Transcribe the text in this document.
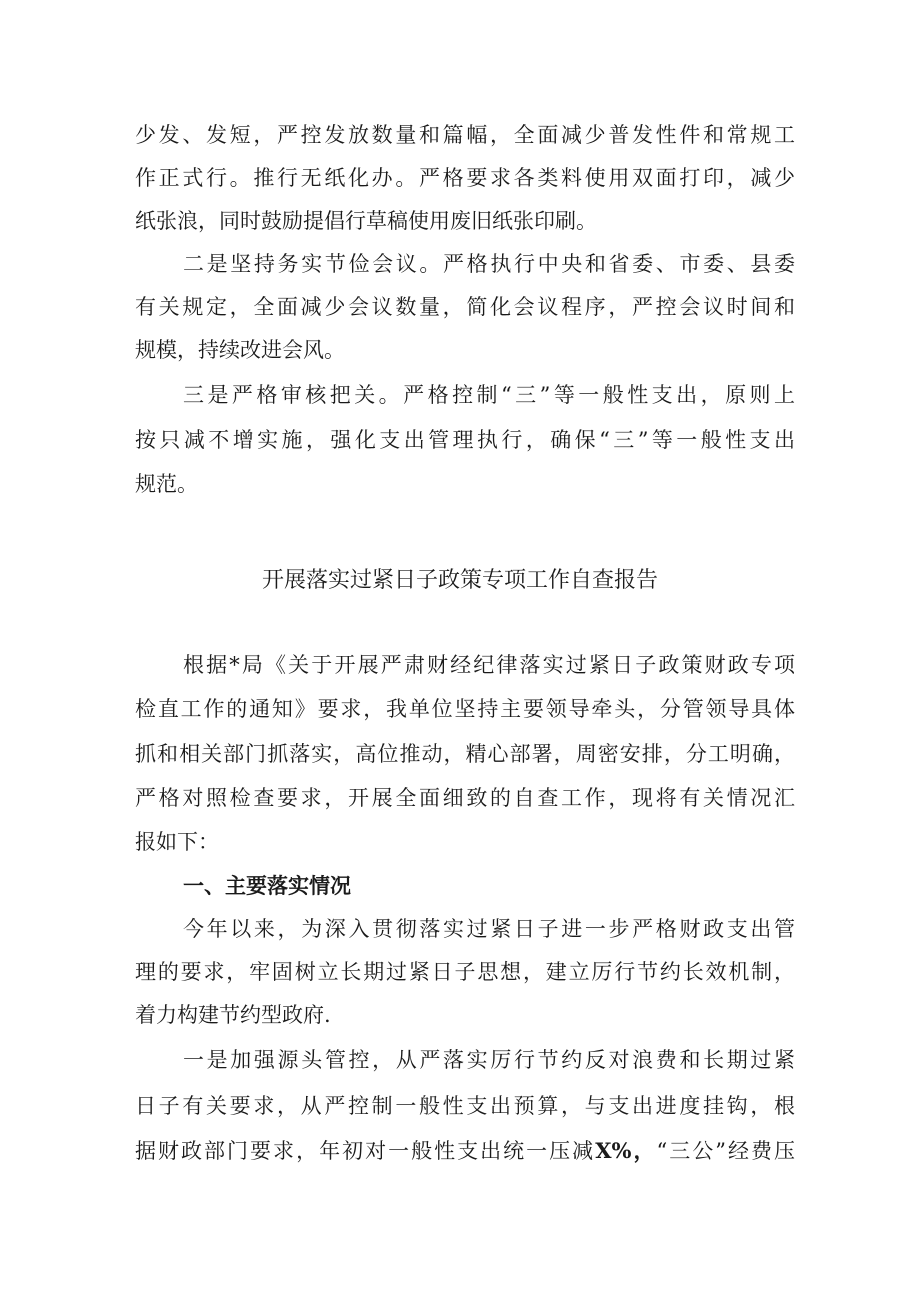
少发、发短，严控发放数量和篇幅，全面减少普发性件和常规工
作正式行。推行无纸化办。严格要求各类料使用双面打印，减少
纸张浪，同时鼓励提倡行草稿使用废旧纸张印刷。
二是坚持务实节俭会议。严格执行中央和省委、市委、县委
有关规定，全面减少会议数量，简化会议程序，严控会议时间和
规模，持续改进会风。
三是严格审核把关。严格控制“三”等一般性支出，原则上
按只减不增实施，强化支出管理执行，确保“三”等一般性支出
规范。
开展落实过紧日子政策专项工作自查报告
根据*局《关于开展严肃财经纪律落实过紧日子政策财政专项
检直工作的通知》要求，我单位坚持主要领导牵头，分管领导具体
抓和相关部门抓落实，高位推动，精心部署，周密安排，分工明确，
严格对照检查要求，开展全面细致的自查工作，现将有关情况汇
报如下：
一、主要落实情况
今年以来，为深入贯彻落实过紧日子进一步严格财政支出管
理的要求，牢固树立长期过紧日子思想，建立厉行节约长效机制，
着力构建节约型政府.
一是加强源头管控，从严落实厉行节约反对浪费和长期过紧
日子有关要求，从严控制一般性支出预算，与支出进度挂钩，根
据财政部门要求，年初对一般性支出统一压减X%，“三公”经费压
